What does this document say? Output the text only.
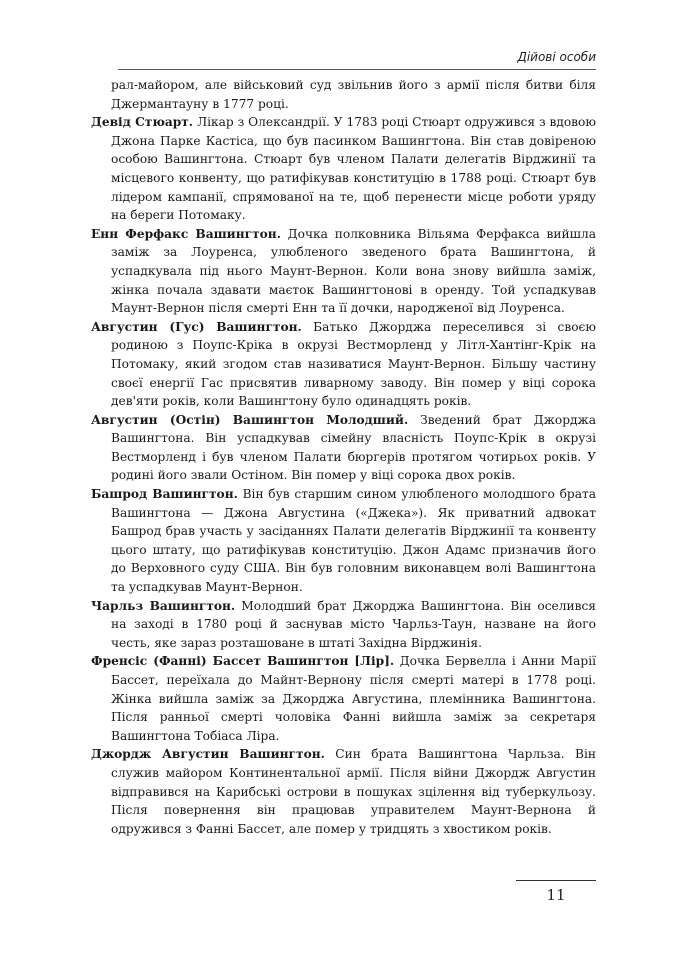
Дійові особи

рал-майором, але військовий суд звільнив його з армії після битви біля Джермантауну в 1777 році.

Девід Стюарт. Лікар з Олександрії. У 1783 році Стюарт одружився з вдовою Джона Парке Кастіса, що був пасинком Вашингтона. Він став довіреною особою Вашингтона. Стюарт був членом Палати делегатів Вірджинії та місцевого конвенту, що ратифікував конституцію в 1788 році. Стюарт був лідером кампанії, спрямованої на те, щоб перенести місце роботи уряду на береги Потомаку.

Енн Ферфакс Вашингтон. Дочка полковника Вільяма Ферфакса вийшла заміж за Лоуренса, улюбленого зведеного брата Вашингтона, й успадкувала під нього Маунт-Вернон. Коли вона знову вийшла заміж, жінка почала здавати маєток Вашингтонові в оренду. Той успадкував Маунт-Вернон після смерті Енн та її дочки, народженої від Лоуренса.

Августин (Гус) Вашингтон. Батько Джорджа переселився зі своєю родиною з Поупс-Кріка в окрузі Вестморленд у Літл-Хантінг-Крік на Потомаку, який згодом став називатися Маунт-Вернон. Більшу частину своєї енергії Гас присвятив ливарному заводу. Він помер у віці сорока дев'яти років, коли Вашингтону було одинадцять років.

Августин (Остін) Вашингтон Молодший. Зведений брат Джорджа Вашингтона. Він успадкував сімейну власність Поупс-Крік в окрузі Вестморленд і був членом Палати бюргерів протягом чотирьох років. У родині його звали Остіном. Він помер у віці сорока двох років.

Башрод Вашингтон. Він був старшим сином улюбленого молодшого брата Вашингтона — Джона Августина («Джека»). Як приватний адвокат Башрод брав участь у засіданнях Палати делегатів Вірджинії та конвенту цього штату, що ратифікував конституцію. Джон Адамс призначив його до Верховного суду США. Він був головним виконавцем волі Вашингтона та успадкував Маунт-Вернон.

Чарльз Вашингтон. Молодший брат Джорджа Вашингтона. Він оселився на заході в 1780 році й заснував місто Чарльз-Таун, назване на його честь, яке зараз розташоване в штаті Західна Вірджинія.

Френсіс (Фанні) Бассет Вашингтон [Лір]. Дочка Бервелла і Анни Марії Бассет, переїхала до Майнт-Вернону після смерті матері в 1778 році. Жінка вийшла заміж за Джорджа Августина, племінника Вашингтона. Після ранньої смерті чоловіка Фанні вийшла заміж за секретаря Вашингтона Тобіаса Ліра.

Джордж Августин Вашингтон. Син брата Вашингтона Чарльза. Він служив майором Континентальної армії. Після війни Джордж Августин відправився на Карибські острови в пошуках зцілення від туберкульозу. Після повернення він працював управителем Маунт-Вернона й одружився з Фанні Бассет, але помер у тридцять з хвостиком років.

11
